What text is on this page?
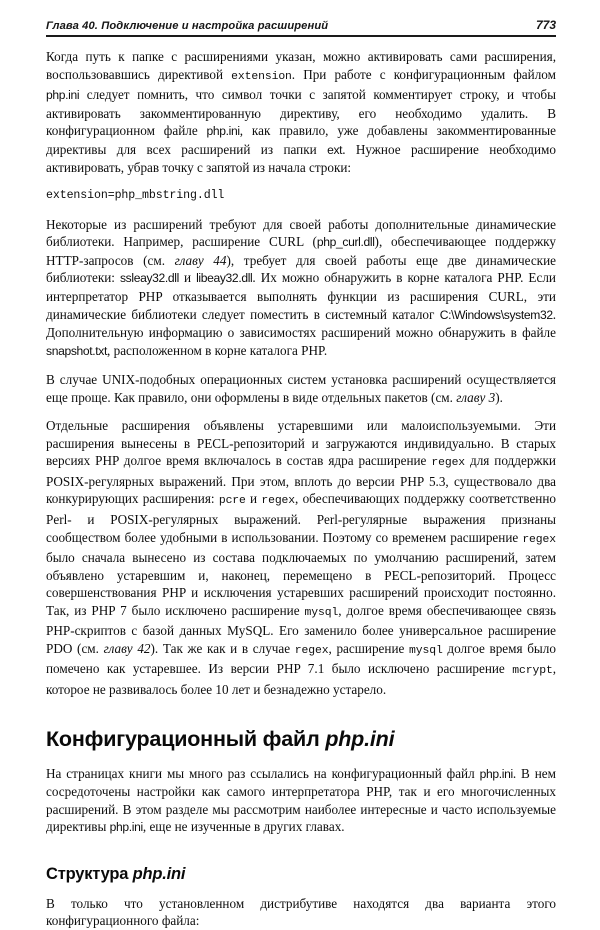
Глава 40. Подключение и настройка расширений	773

Когда путь к папке с расширениями указан, можно активировать сами расширения, воспользовавшись директивой extension. При работе с конфигурационным файлом php.ini следует помнить, что символ точки с запятой комментирует строку, и чтобы активировать закомментированную директиву, его необходимо удалить. В конфигурационном файле php.ini, как правило, уже добавлены закомментированные директивы для всех расширений из папки ext. Нужное расширение необходимо активировать, убрав точку с запятой из начала строки:

extension=php_mbstring.dll

Некоторые из расширений требуют для своей работы дополнительные динамические библиотеки. Например, расширение CURL (php_curl.dll), обеспечивающее поддержку HTTP-запросов (см. главу 44), требует для своей работы еще две динамические библиотеки: ssleay32.dll и libeay32.dll. Их можно обнаружить в корне каталога PHP. Если интерпретатор PHP отказывается выполнять функции из расширения CURL, эти динамические библиотеки следует поместить в системный каталог C:\Windows\system32. Дополнительную информацию о зависимостях расширений можно обнаружить в файле snapshot.txt, расположенном в корне каталога PHP.

В случае UNIX-подобных операционных систем установка расширений осуществляется еще проще. Как правило, они оформлены в виде отдельных пакетов (см. главу 3).

Отдельные расширения объявлены устаревшими или малоиспользуемыми. Эти расширения вынесены в PECL-репозиторий и загружаются индивидуально. В старых версиях PHP долгое время включалось в состав ядра расширение regex для поддержки POSIX-регулярных выражений. При этом, вплоть до версии PHP 5.3, существовало два конкурирующих расширения: pcre и regex, обеспечивающих поддержку соответственно Perl- и POSIX-регулярных выражений. Perl-регулярные выражения признаны сообществом более удобными в использовании. Поэтому со временем расширение regex было сначала вынесено из состава подключаемых по умолчанию расширений, затем объявлено устаревшим и, наконец, перемещено в PECL-репозиторий. Процесс совершенствования PHP и исключения устаревших расширений происходит постоянно. Так, из PHP 7 было исключено расширение mysql, долгое время обеспечивающее связь PHP-скриптов с базой данных MySQL. Его заменило более универсальное расширение PDO (см. главу 42). Так же как и в случае regex, расширение mysql долгое время было помечено как устаревшее. Из версии PHP 7.1 было исключено расширение mcrypt, которое не развивалось более 10 лет и безнадежно устарело.

Конфигурационный файл php.ini

На страницах книги мы много раз ссылались на конфигурационный файл php.ini. В нем сосредоточены настройки как самого интерпретатора PHP, так и его многочисленных расширений. В этом разделе мы рассмотрим наиболее интересные и часто используемые директивы php.ini, еще не изученные в других главах.

Структура php.ini

В только что установленном дистрибутиве находятся два варианта этого конфигурационного файла:
